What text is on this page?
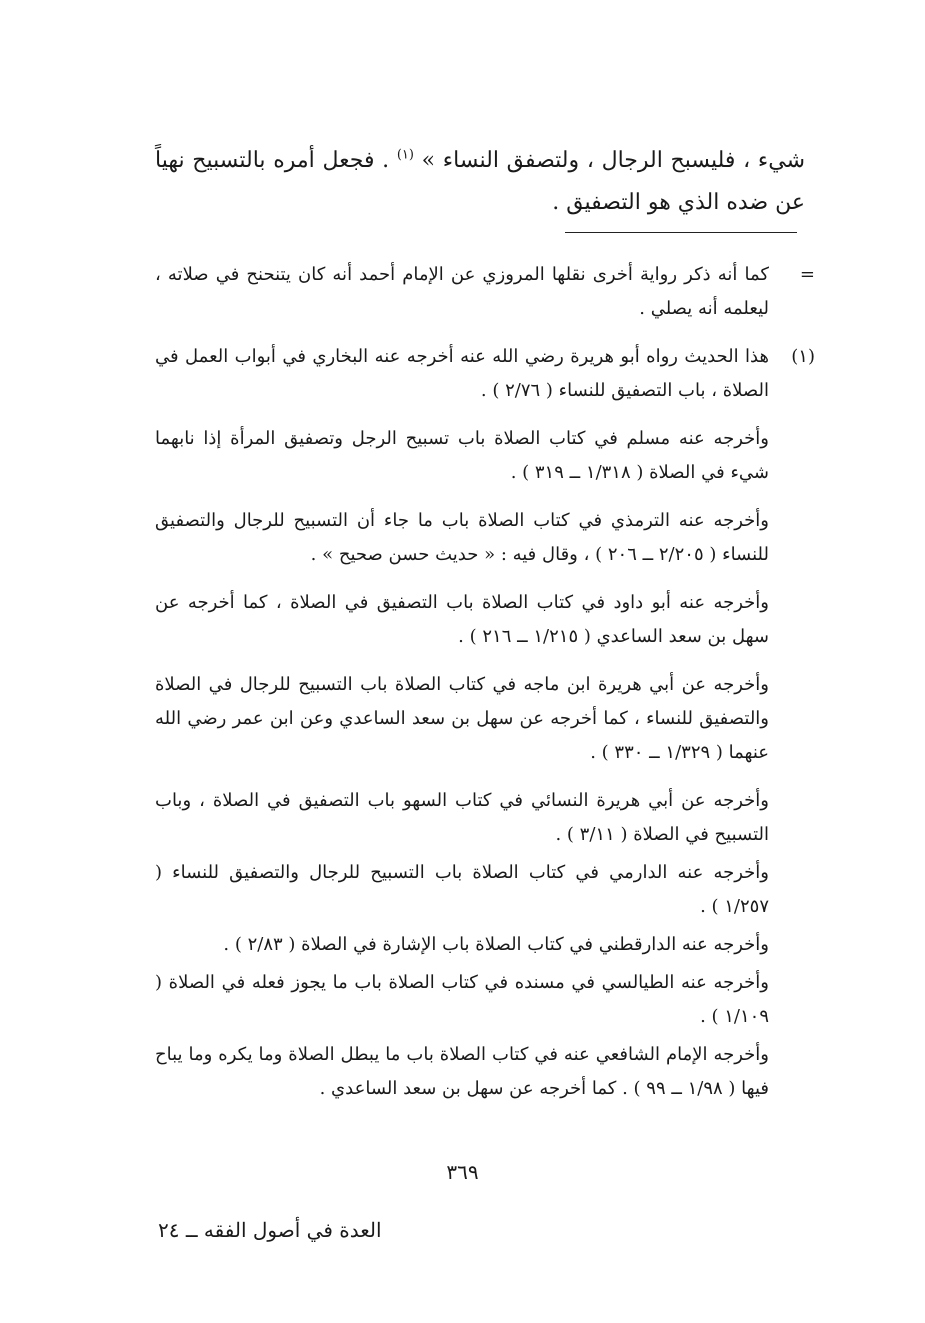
شيء ، فليسبح الرجال ، ولتصفق النساء » $^{(١)}$ . فجعل أمره بالتسبيح نهياً عن ضده الذي هو التصفيق .

=

كما أنه ذكر رواية أخرى نقلها المروزي عن الإمام أحمد أنه كان يتنحنح في صلاته ، ليعلمه أنه يصلي .

(١)

هذا الحديث رواه أبو هريرة رضي الله عنه أخرجه عنه البخاري في أبواب العمل في الصلاة ، باب التصفيق للنساء ( ٢/٧٦ ) .

وأخرجه عنه مسلم في كتاب الصلاة باب تسبيح الرجل وتصفيق المرأة إذا نابهما شيء في الصلاة ( ١/٣١٨ ــ ٣١٩ ) .

وأخرجه عنه الترمذي في كتاب الصلاة باب ما جاء أن التسبيح للرجال والتصفيق للنساء ( ٢/٢٠٥ ــ ٢٠٦ ) ، وقال فيه : « حديث حسن صحيح » .

وأخرجه عنه أبو داود في كتاب الصلاة باب التصفيق في الصلاة ، كما أخرجه عن سهل بن سعد الساعدي ( ١/٢١٥ ــ ٢١٦ ) .

وأخرجه عن أبي هريرة ابن ماجه في كتاب الصلاة باب التسبيح للرجال في الصلاة والتصفيق للنساء ، كما أخرجه عن سهل بن سعد الساعدي وعن ابن عمر رضي الله عنهما ( ١/٣٢٩ ــ ٣٣٠ ) .

وأخرجه عن أبي هريرة النسائي في كتاب السهو باب التصفيق في الصلاة ، وباب التسبيح في الصلاة ( ٣/١١ ) .

وأخرجه عنه الدارمي في كتاب الصلاة باب التسبيح للرجال والتصفيق للنساء ( ١/٢٥٧ ) .

وأخرجه عنه الدارقطني في كتاب الصلاة باب الإشارة في الصلاة ( ٢/٨٣ ) .

وأخرجه عنه الطيالسي في مسنده في كتاب الصلاة باب ما يجوز فعله في الصلاة ( ١/١٠٩ ) .

وأخرجه الإمام الشافعي عنه في كتاب الصلاة باب ما يبطل الصلاة وما يكره وما يباح فيها ( ١/٩٨ ــ ٩٩ ) . كما أخرجه عن سهل بن سعد الساعدي .

٣٦٩
العدة في أصول الفقه ــ ٢٤
